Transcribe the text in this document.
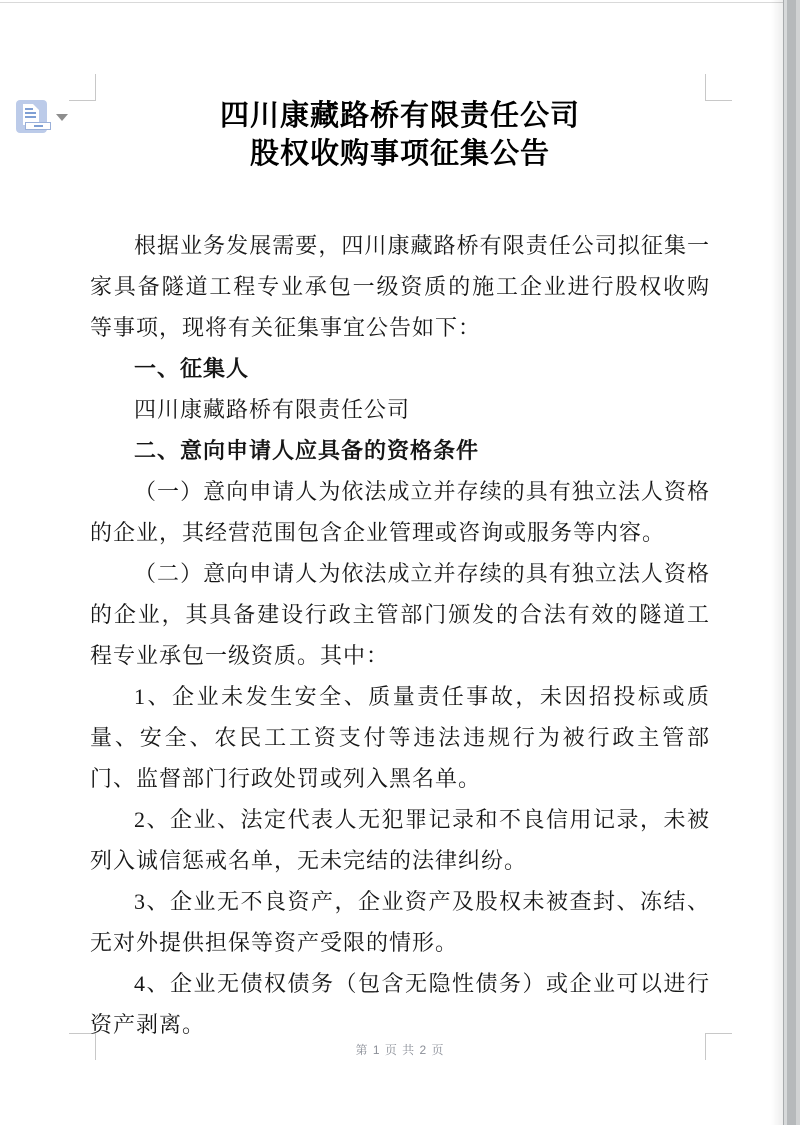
四川康藏路桥有限责任公司
股权收购事项征集公告

根据业务发展需要，四川康藏路桥有限责任公司拟征集一家具备隧道工程专业承包一级资质的施工企业进行股权收购等事项，现将有关征集事宜公告如下：

一、征集人

四川康藏路桥有限责任公司

二、意向申请人应具备的资格条件

（一）意向申请人为依法成立并存续的具有独立法人资格的企业，其经营范围包含企业管理或咨询或服务等内容。

（二）意向申请人为依法成立并存续的具有独立法人资格的企业，其具备建设行政主管部门颁发的合法有效的隧道工程专业承包一级资质。其中：

1、企业未发生安全、质量责任事故，未因招投标或质量、安全、农民工工资支付等违法违规行为被行政主管部门、监督部门行政处罚或列入黑名单。

2、企业、法定代表人无犯罪记录和不良信用记录，未被列入诚信惩戒名单，无未完结的法律纠纷。

3、企业无不良资产，企业资产及股权未被查封、冻结、无对外提供担保等资产受限的情形。

4、企业无债权债务（包含无隐性债务）或企业可以进行资产剥离。

第 1 页 共 2 页
